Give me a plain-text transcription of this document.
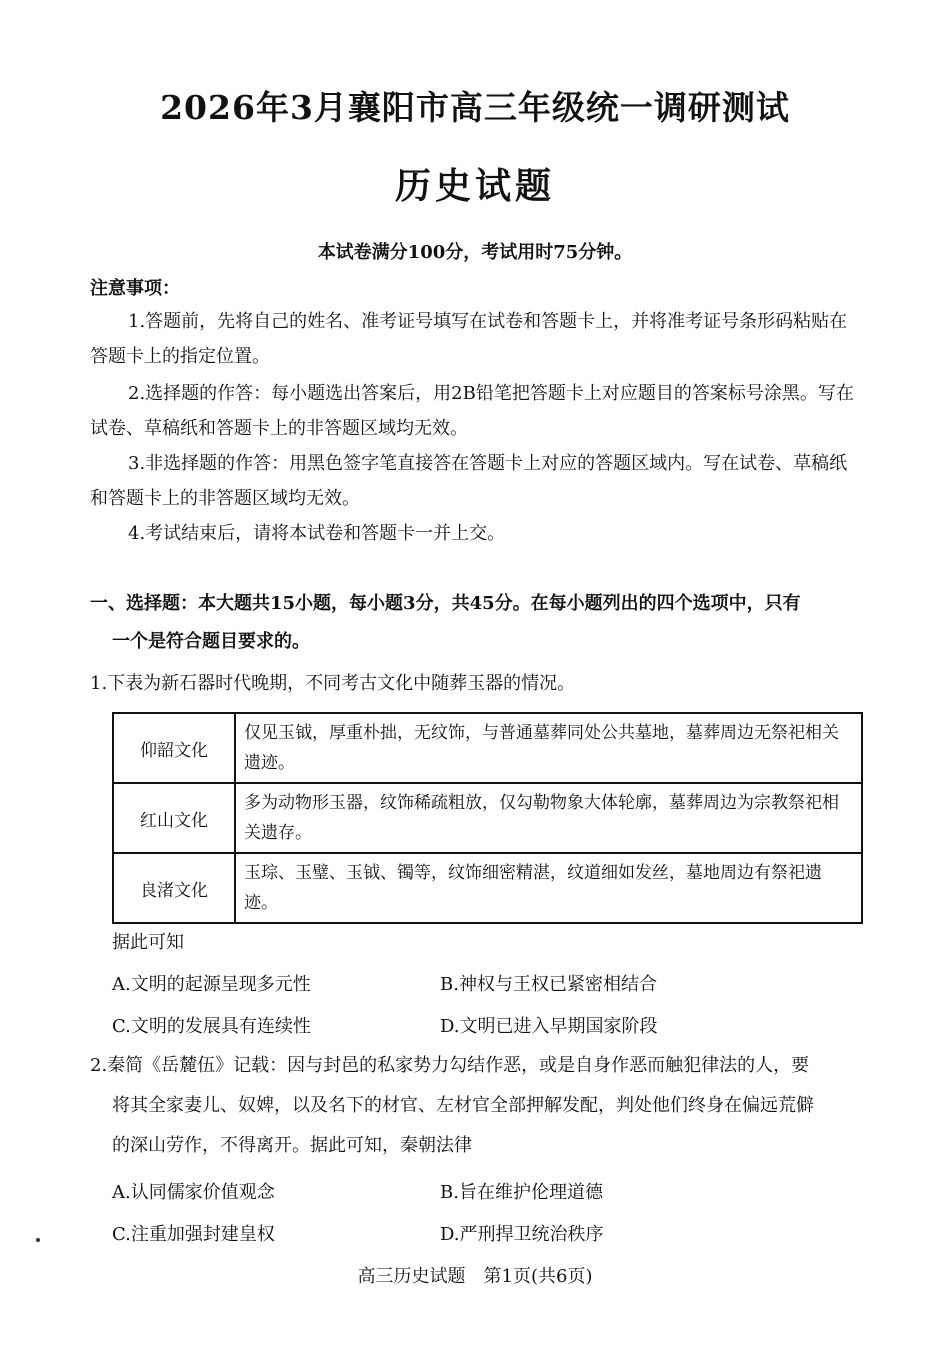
2026年3月襄阳市高三年级统一调研测试
历史试题
本试卷满分100分，考试用时75分钟。
注意事项：
1.答题前，先将自己的姓名、准考证号填写在试卷和答题卡上，并将准考证号条形码粘贴在答题卡上的指定位置。
2.选择题的作答：每小题选出答案后，用2B铅笔把答题卡上对应题目的答案标号涂黑。写在试卷、草稿纸和答题卡上的非答题区域均无效。
3.非选择题的作答：用黑色签字笔直接答在答题卡上对应的答题区域内。写在试卷、草稿纸和答题卡上的非答题区域均无效。
4.考试结束后，请将本试卷和答题卡一并上交。
一、选择题：本大题共15小题，每小题3分，共45分。在每小题列出的四个选项中，只有
一个是符合题目要求的。
1.下表为新石器时代晚期，不同考古文化中随葬玉器的情况。
仰韶文化	仅见玉钺，厚重朴拙，无纹饰，与普通墓葬同处公共墓地，墓葬周边无祭祀相关遗迹。
红山文化	多为动物形玉器，纹饰稀疏粗放，仅勾勒物象大体轮廓，墓葬周边为宗教祭祀相关遗存。
良渚文化	玉琮、玉璧、玉钺、镯等，纹饰细密精湛，纹道细如发丝，墓地周边有祭祀遗迹。
据此可知
A.文明的起源呈现多元性	B.神权与王权已紧密相结合
C.文明的发展具有连续性	D.文明已进入早期国家阶段
2.秦简《岳麓伍》记载：因与封邑的私家势力勾结作恶，或是自身作恶而触犯律法的人，要
将其全家妻儿、奴婢，以及名下的材官、左材官全部押解发配，判处他们终身在偏远荒僻
的深山劳作，不得离开。据此可知，秦朝法律
A.认同儒家价值观念	B.旨在维护伦理道德
C.注重加强封建皇权	D.严刑捍卫统治秩序
高三历史试题　第1页(共6页)
